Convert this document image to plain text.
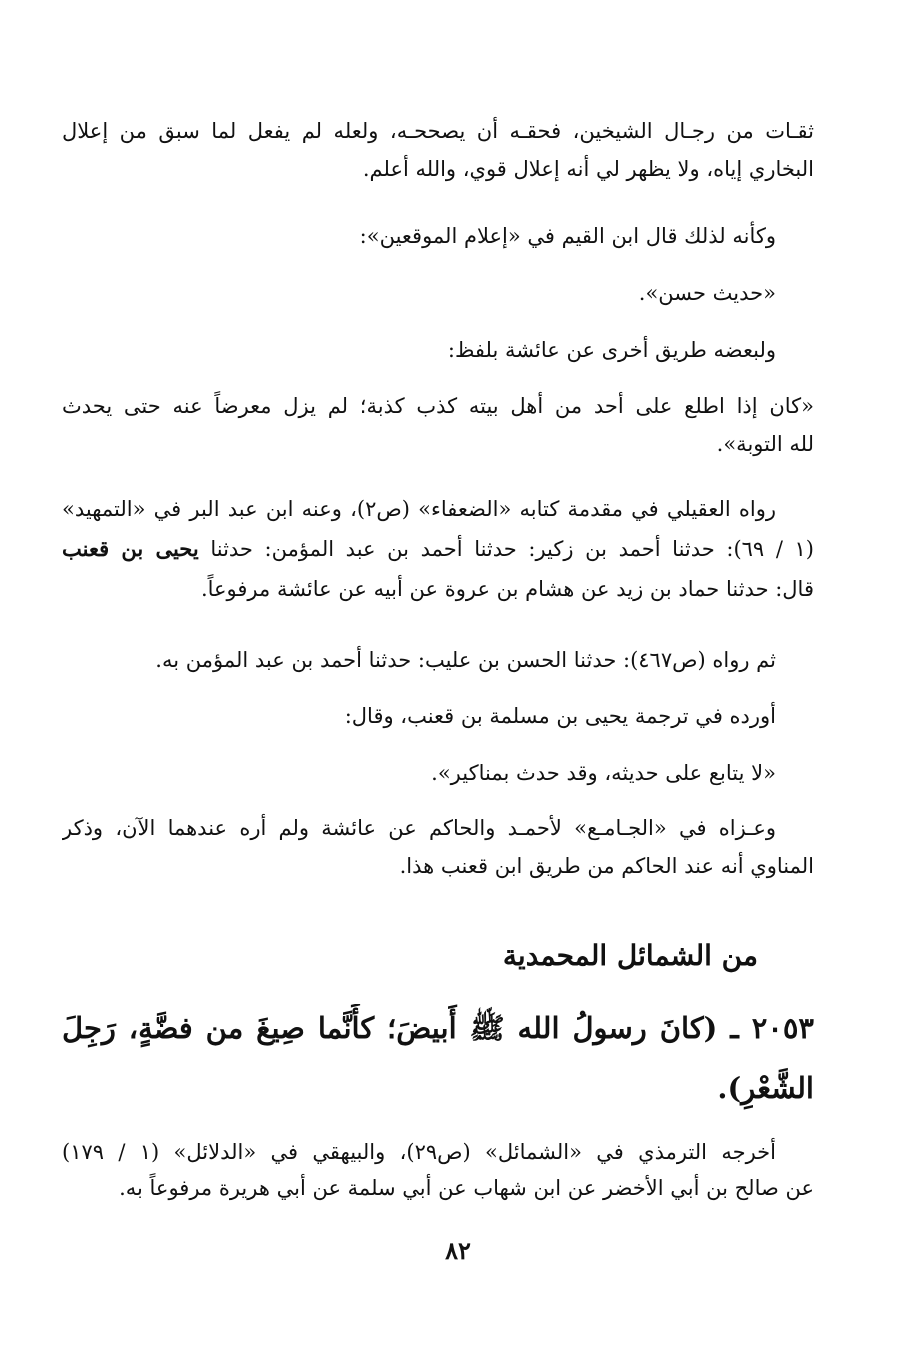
ثقـات من رجـال الشيخين، فحقـه أن يصححـه، ولعله لم يفعل لما سبق من إعلال
البخاري إياه، ولا يظهر لي أنه إعلال قوي، والله أعلم.
وكأنه لذلك قال ابن القيم في «إعلام الموقعين»:
«حديث حسن».
ولبعضه طريق أخرى عن عائشة بلفظ:
«كان إذا اطلع على أحد من أهل بيته كذب كذبة؛ لم يزل معرضاً عنه حتى يحدث
لله التوبة».
رواه العقيلي في مقدمة كتابه «الضعفاء» (ص٢)، وعنه ابن عبد البر في «التمهيد»
(١ / ٦٩): حدثنا أحمد بن زكير: حدثنا أحمد بن عبد المؤمن: حدثنا يحيى بن قعنب
قال: حدثنا حماد بن زيد عن هشام بن عروة عن أبيه عن عائشة مرفوعاً.
ثم رواه (ص٤٦٧): حدثنا الحسن بن عليب: حدثنا أحمد بن عبد المؤمن به.
أورده في ترجمة يحيى بن مسلمة بن قعنب، وقال:
«لا يتابع على حديثه، وقد حدث بمناكير».
وعـزاه في «الجـامـع» لأحمـد والحاكم عن عائشة ولم أره عندهما الآن، وذكر
المناوي أنه عند الحاكم من طريق ابن قعنب هذا.
من الشمائل المحمدية
٢٠٥٣ ـ (كانَ رسولُ الله ﷺ أَبيضَ؛ كأَنَّما صِيغَ من فضَّةٍ، رَجِلَ
الشَّعْرِ).
أخرجه الترمذي في «الشمائل» (ص٢٩)، والبيهقي في «الدلائل» (١ / ١٧٩)
عن صالح بن أبي الأخضر عن ابن شهاب عن أبي سلمة عن أبي هريرة مرفوعاً به.
٨٢
